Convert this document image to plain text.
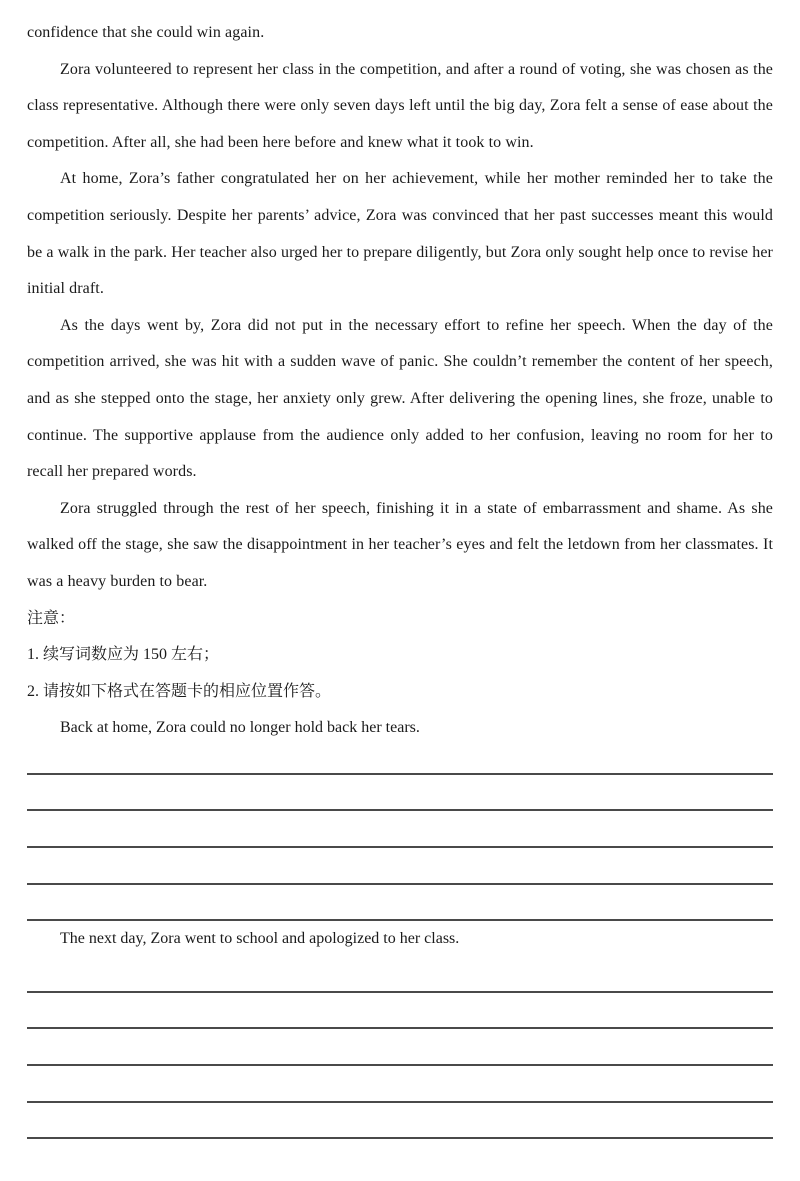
confidence that she could win again.

Zora volunteered to represent her class in the competition, and after a round of voting, she was chosen as the class representative. Although there were only seven days left until the big day, Zora felt a sense of ease about the competition. After all, she had been here before and knew what it took to win.

At home, Zora’s father congratulated her on her achievement, while her mother reminded her to take the competition seriously. Despite her parents’ advice, Zora was convinced that her past successes meant this would be a walk in the park. Her teacher also urged her to prepare diligently, but Zora only sought help once to revise her initial draft.

As the days went by, Zora did not put in the necessary effort to refine her speech. When the day of the competition arrived, she was hit with a sudden wave of panic. She couldn’t remember the content of her speech, and as she stepped onto the stage, her anxiety only grew. After delivering the opening lines, she froze, unable to continue. The supportive applause from the audience only added to her confusion, leaving no room for her to recall her prepared words.

Zora struggled through the rest of her speech, finishing it in a state of embarrassment and shame. As she walked off the stage, she saw the disappointment in her teacher’s eyes and felt the letdown from her classmates. It was a heavy burden to bear.

注意：

1. 续写词数应为 150 左右；

2. 请按如下格式在答题卡的相应位置作答。

Back at home, Zora could no longer hold back her tears.

The next day, Zora went to school and apologized to her class.
